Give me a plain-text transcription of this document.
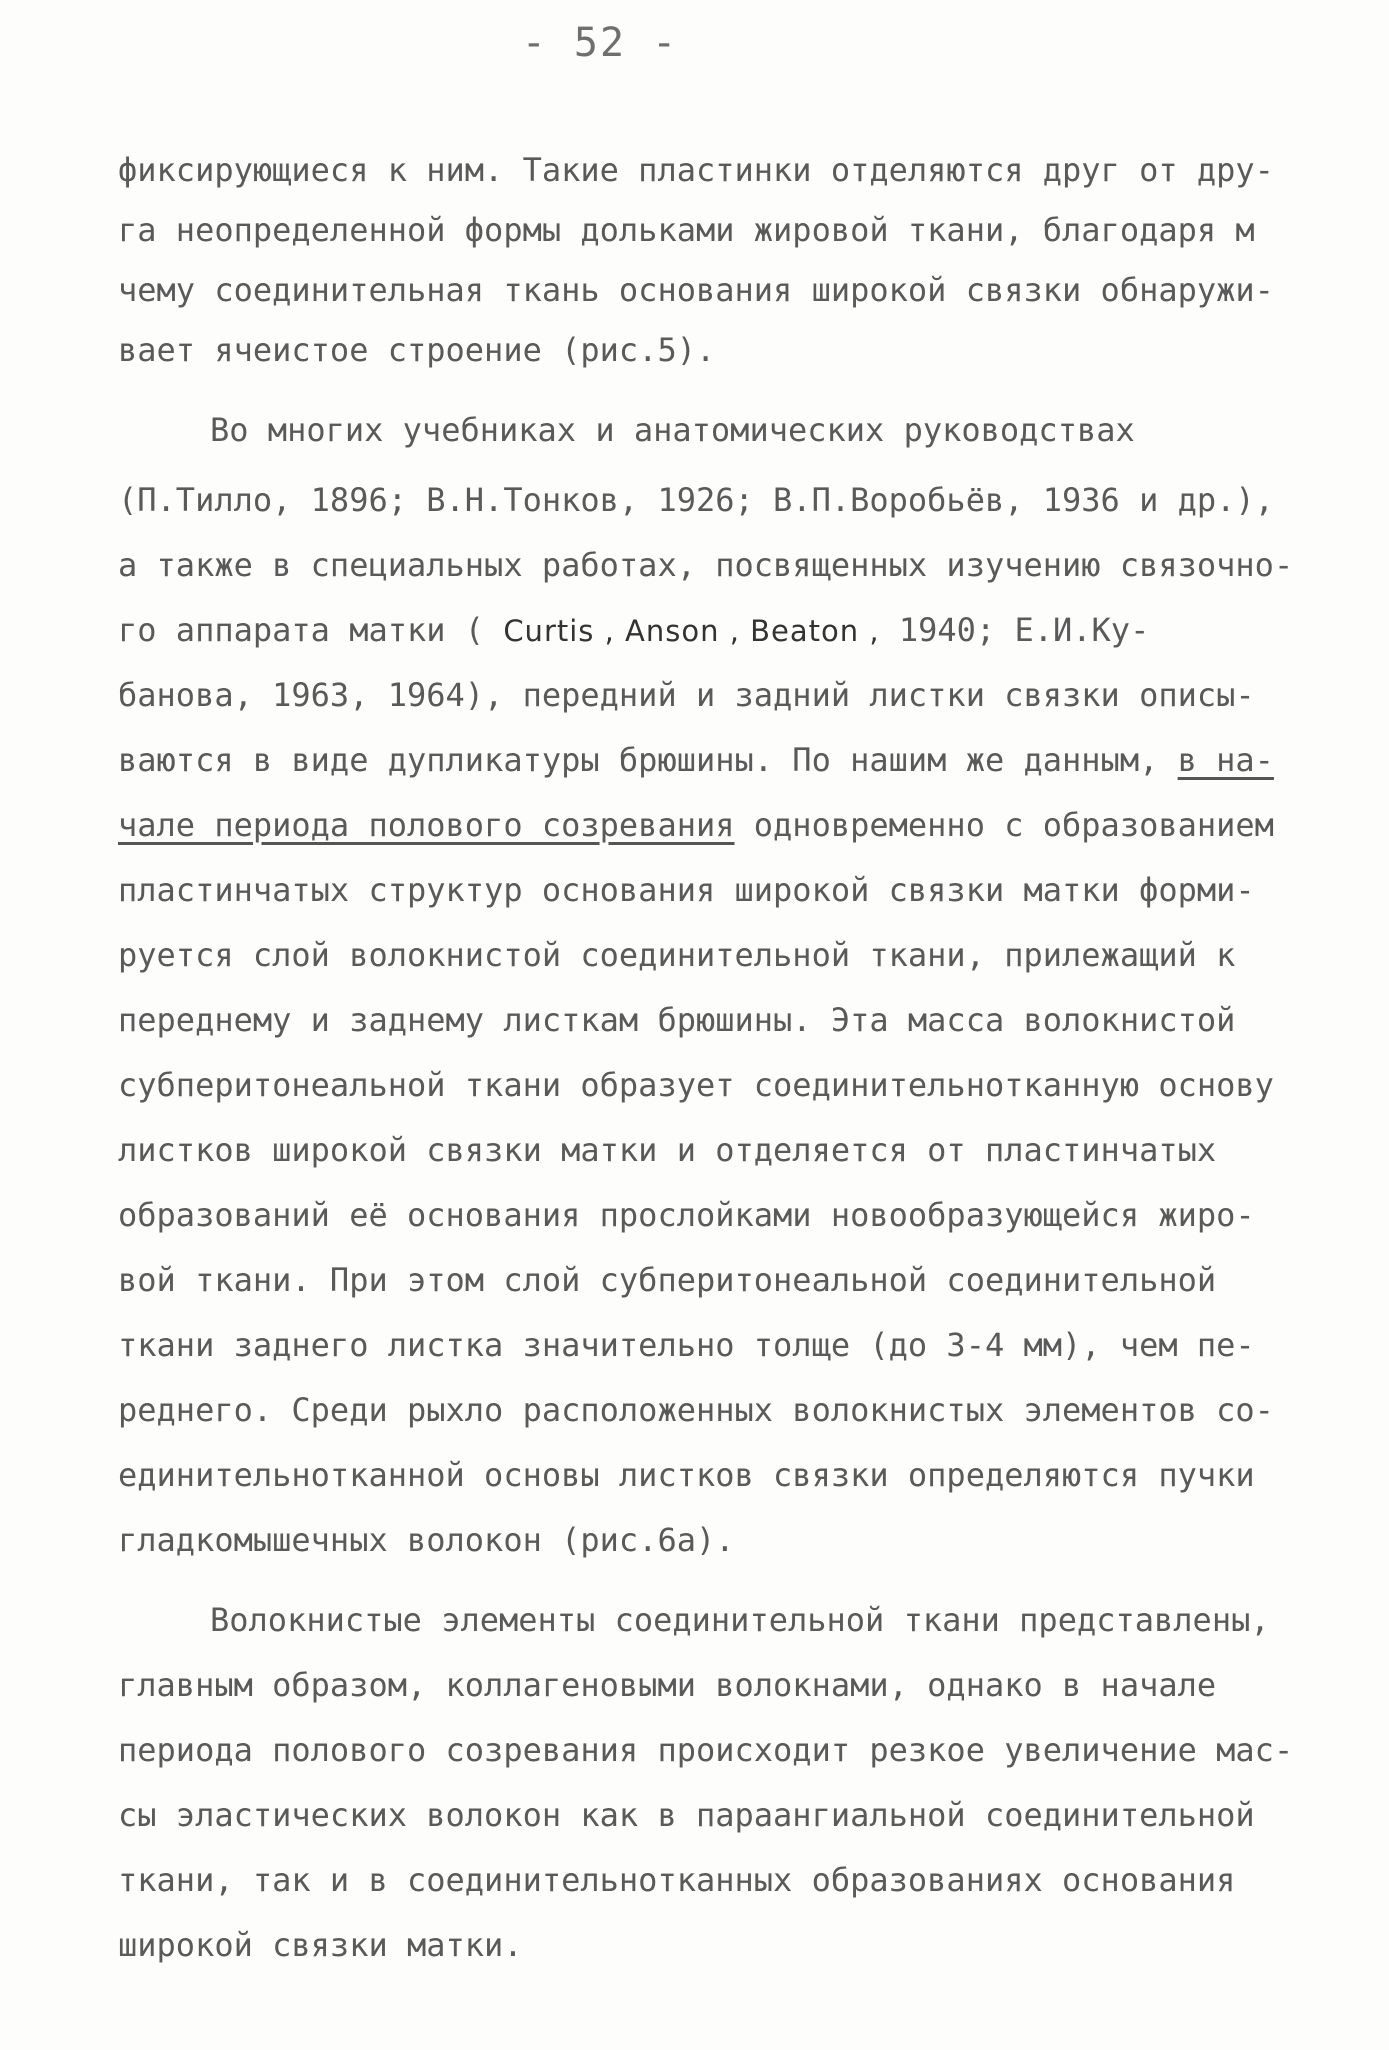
- 52 -
фиксирующиеся к ним. Такие пластинки отделяются друг от дру-
га неопределенной формы дольками жировой ткани, благодаря м
чему соединительная ткань основания широкой связки обнаружи-
вает ячеистое строение (рис.5).
Во многих учебниках и анатомических руководствах
(П.Тилло, 1896; В.Н.Тонков, 1926; В.П.Воробьёв, 1936 и др.),
а также в специальных работах, посвященных изучению связочно-
го аппарата матки ( Curtis , Anson , Beaton , 1940; Е.И.Ку-
банова, 1963, 1964), передний и задний листки связки описы-
ваются в виде дупликатуры брюшины. По нашим же данным, в на-
чале периода полового созревания одновременно с образованием
пластинчатых структур основания широкой связки матки форми-
руется слой волокнистой соединительной ткани, прилежащий к
переднему и заднему листкам брюшины. Эта масса волокнистой
субперитонеальной ткани образует соединительнотканную основу
листков широкой связки матки и отделяется от пластинчатых
образований её основания прослойками новообразующейся жиро-
вой ткани. При этом слой субперитонеальной соединительной
ткани заднего листка значительно толще (до 3-4 мм), чем пе-
реднего. Среди рыхло расположенных волокнистых элементов со-
единительнотканной основы листков связки определяются пучки
гладкомышечных волокон (рис.6а).
Волокнистые элементы соединительной ткани представлены,
главным образом, коллагеновыми волокнами, однако в начале
периода полового созревания происходит резкое увеличение мас-
сы эластических волокон как в параангиальной соединительной
ткани, так и в соединительнотканных образованиях основания
широкой связки матки.
